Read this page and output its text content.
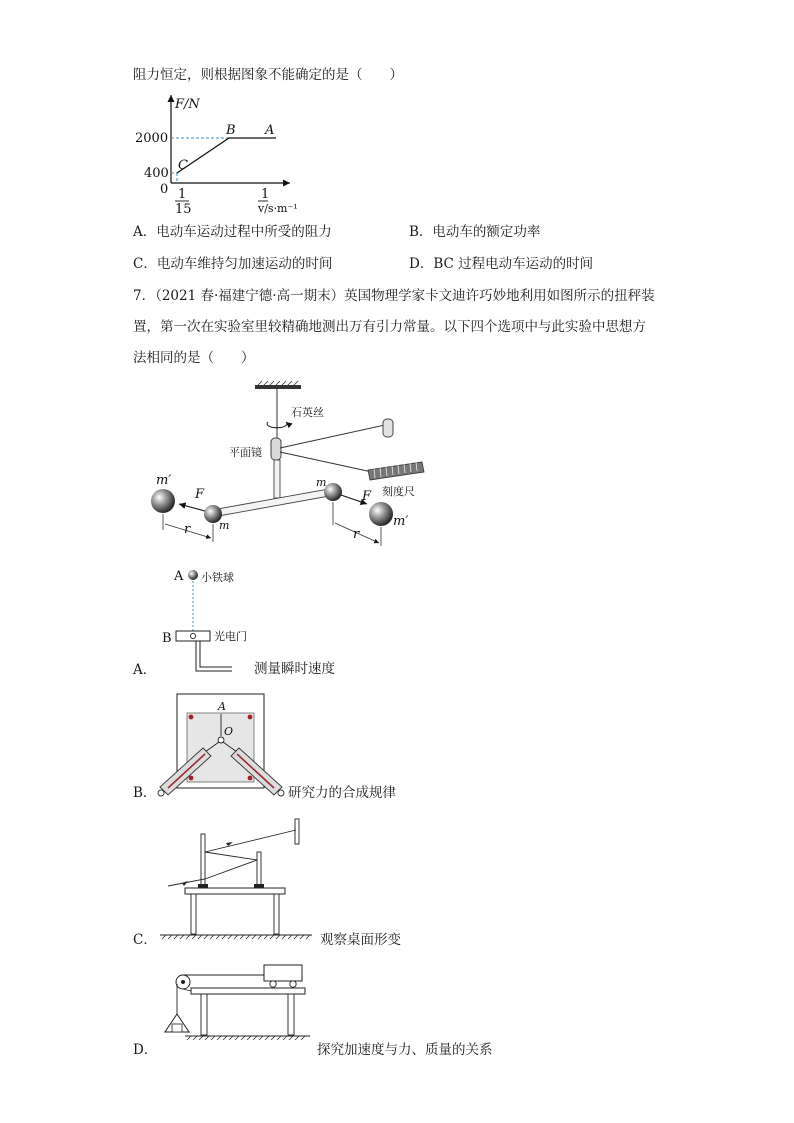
阻力恒定，则根据图象不能确定的是（　　）
F/N
2000
400
0
B A
C
1
15
1
v/s·m⁻¹
A．电动车运动过程中所受的阻力	B．电动车的额定功率
C．电动车维持匀加速运动的时间	D．BC 过程电动车运动的时间
7．（2021 春·福建宁德·高一期末）英国物理学家卡文迪许巧妙地利用如图所示的扭秤装
置，第一次在实验室里较精确地测出万有引力常量。以下四个选项中与此实验中思想方
法相同的是（　　）
石英丝
平面镜
刻度尺
m′
m′
m
m
F	F
r	r
A 小铁球
B	光电门
A．	测量瞬时速度
A
O
B．	研究力的合成规律
C．	观察桌面形变
D．	探究加速度与力、质量的关系
